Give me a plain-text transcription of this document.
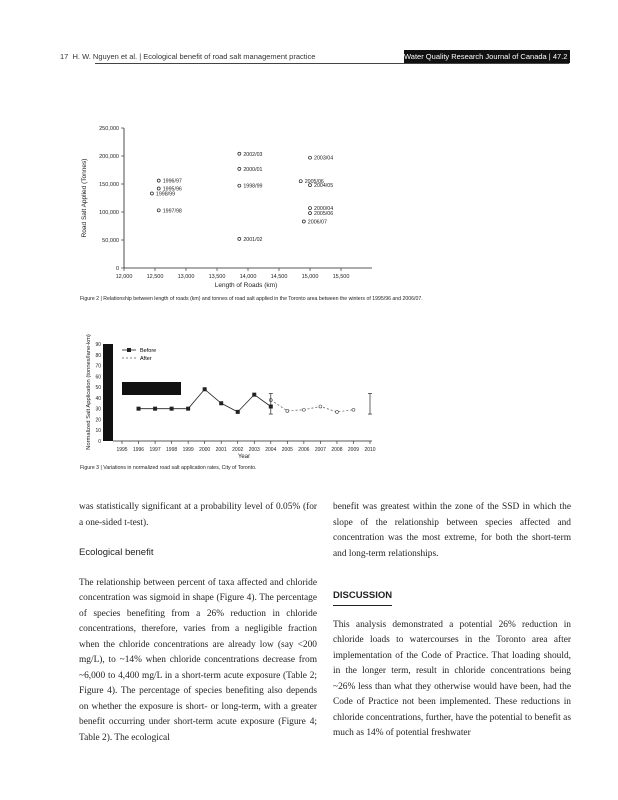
17 H. W. Nguyen et al. | Ecological benefit of road salt management practice	Water Quality Research Journal of Canada | 47.2 | 2012
0
50,000
100,000
150,000
200,000
250,000
12,000	12,500	13,000	13,500	14,000	14,500	15,000	15,500
2002/03
2000/01
1998/99
2001/02
1996/97
1995/96
1998/99
1997/98
2003/04
2005/06
2004/05
2000/04
2005/06
2006/07
Road Salt Applied (Tonnes)
Length of Roads (km)
Figure 2 | Relationship between length of roads (km) and tonnes of road salt applied in the Toronto area between the winters of 1995/96 and 2006/07.
0
10
20
30
40
50
60
70
80
90
1995 1996 1997 1998 1999 2000 2001 2002 2003 2004 2005 2006 2007 2008 2009 2010
Before
After
Normalized Salt Application (tonnes/lane-km)
Year
Figure 3 | Variations in normalized road salt application rates, City of Toronto.

was statistically significant at a probability level of 0.05% (for a one-sided t-test).

Ecological benefit

The relationship between percent of taxa affected and chloride concentration was sigmoid in shape (Figure 4). The percentage of species benefiting from a 26% reduction in chloride concentrations, therefore, varies from a negligible fraction when the chloride concentrations are already low (say <200 mg/L), to ~14% when chloride concentrations decrease from ~6,000 to 4,400 mg/L in a short-term acute exposure (Table 2; Figure 4). The percentage of species benefiting also depends on whether the exposure is short- or long-term, with a greater benefit occurring under short-term acute exposure (Figure 4; Table 2). The ecological

benefit was greatest within the zone of the SSD in which the slope of the relationship between species affected and concentration was the most extreme, for both the short-term and long-term relationships.

DISCUSSION

This analysis demonstrated a potential 26% reduction in chloride loads to watercourses in the Toronto area after implementation of the Code of Practice. That loading should, in the longer term, result in chloride concentrations being ~26% less than what they otherwise would have been, had the Code of Practice not been implemented. These reductions in chloride concentrations, further, have the potential to benefit as much as 14% of potential freshwater
